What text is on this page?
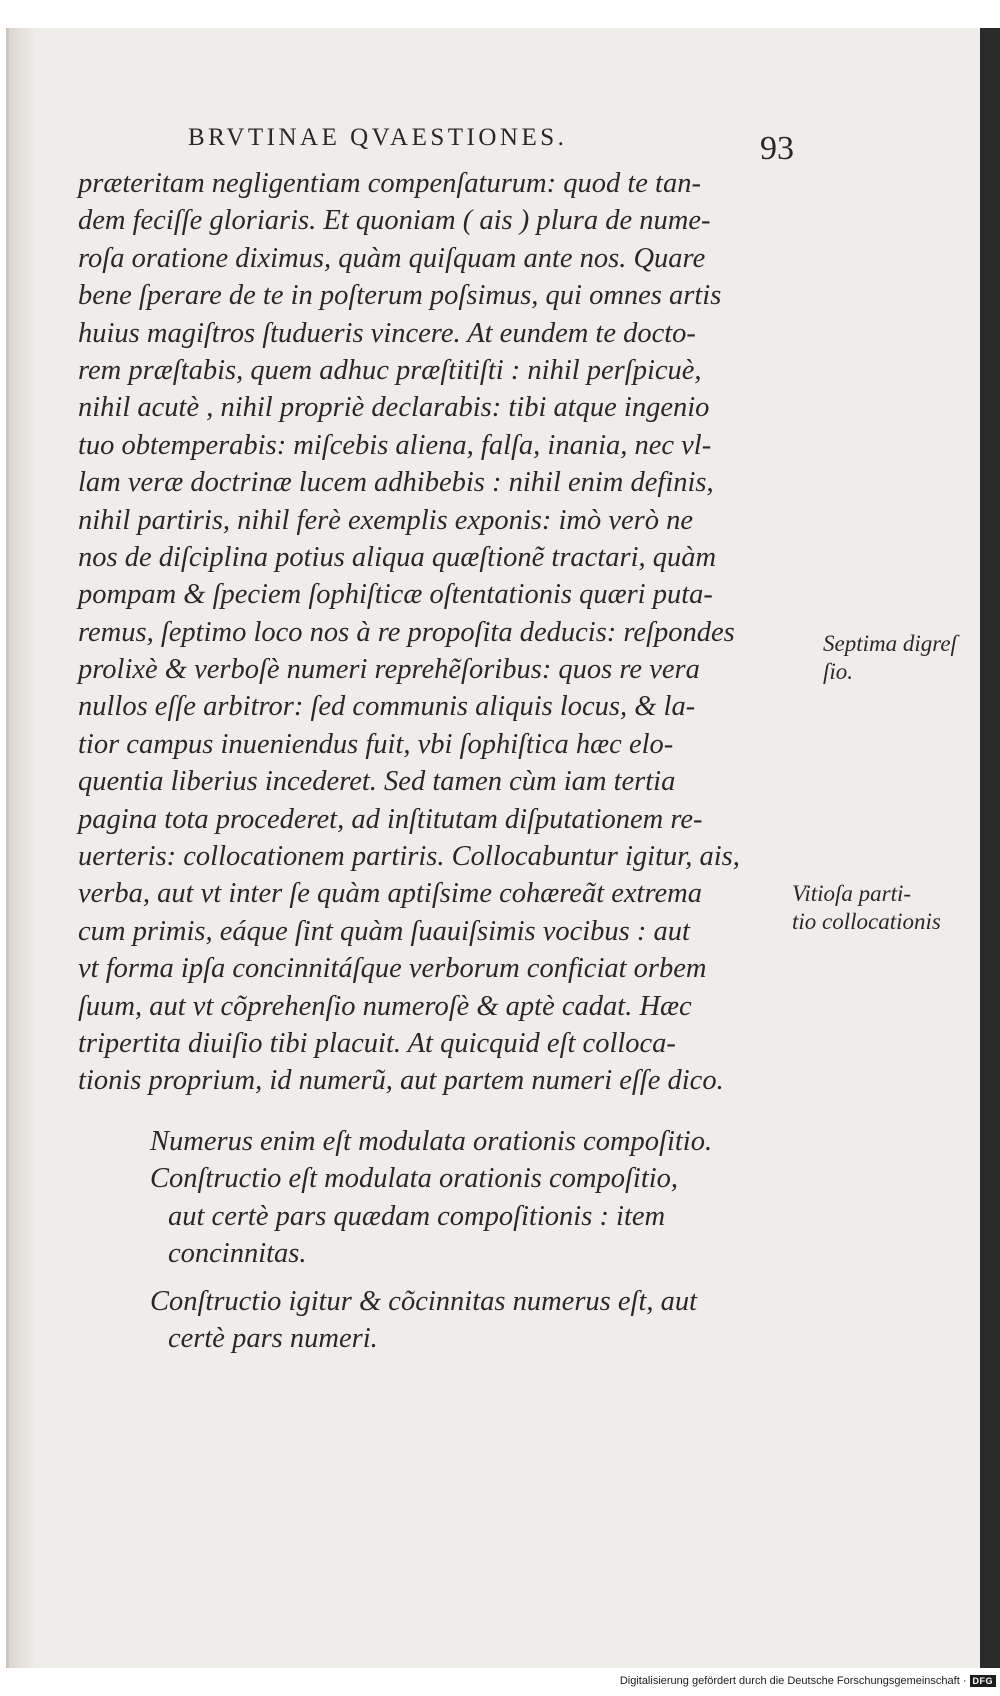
BRVTINAE QVAESTIONES.	93
prӕteritam negligentiam compenſaturum: quod te tan-
dem feciſſe gloriaris. Et quoniam ( ais ) plura de nume-
roſa oratione diximus, quàm quiſquam ante nos. Quare
bene ſperare de te in poſterum poſsimus, qui omnes artis
huius magiſtros ſtudueris vincere. At eundem te docto-
rem prӕſtabis, quem adhuc prӕſtitiſti : nihil perſpicuè,
nihil acutè , nihil propriè declarabis: tibi atque ingenio
tuo obtemperabis: miſcebis aliena, falſa, inania, nec vl-
lam verӕ doctrinӕ lucem adhibebis : nihil enim definis,
nihil partiris, nihil ferè exemplis exponis: imò verò ne
nos de diſciplina potius aliqua quӕſtionẽ tractari, quàm
pompam & ſpeciem ſophiſticӕ oſtentationis quӕri puta-
remus, ſeptimo loco nos à re propoſita deducis: reſpondes
prolixè & verboſè numeri reprehẽſoribus: quos re vera
nullos eſſe arbitror: ſed communis aliquis locus, & la-
tior campus inueniendus fuit, vbi ſophiſtica hӕc elo-
quentia liberius incederet. Sed tamen cùm iam tertia
pagina tota procederet, ad inſtitutam diſputationem re-
uerteris: collocationem partiris. Collocabuntur igitur, ais,
verba, aut vt inter ſe quàm aptiſsime cohӕreãt extrema
cum primis, eáque ſint quàm ſuauiſsimis vocibus : aut
vt forma ipſa concinnitáſque verborum conficiat orbem
ſuum, aut vt cõprehenſio numeroſè & aptè cadat. Hӕc
tripertita diuiſio tibi placuit. At quicquid eſt colloca-
tionis proprium, id numerũ, aut partem numeri eſſe dico.
Numerus enim eſt modulata orationis compoſitio.
Conſtructio eſt modulata orationis compoſitio,
aut certè pars quӕdam compoſitionis : item
concinnitas.
Conſtructio igitur & cõcinnitas numerus eſt, aut
certè pars numeri.
Septima digreſ
ſio.
Vitioſa parti-
tio collocationis
Digitalisierung gefördert durch die Deutsche Forschungsgemeinschaft · DFG
